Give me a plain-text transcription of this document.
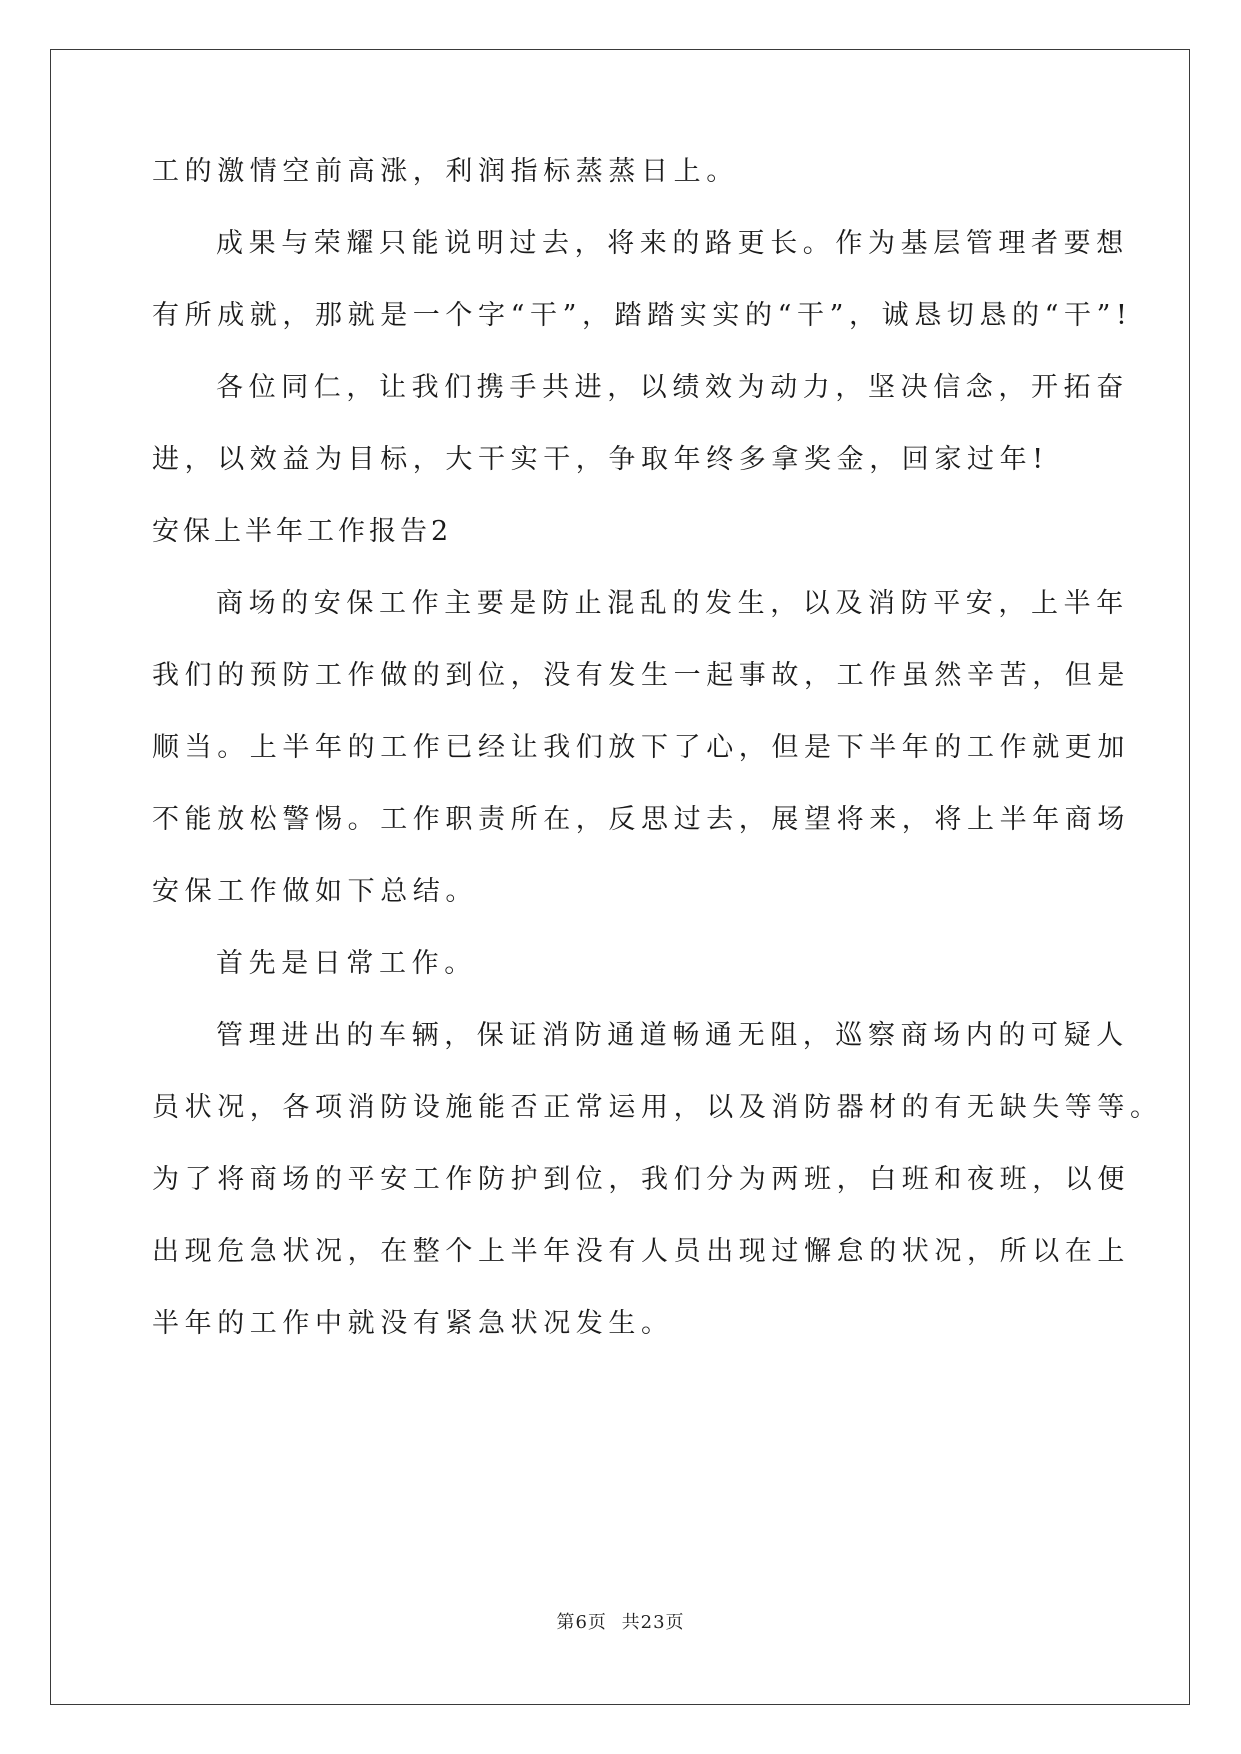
工的激情空前高涨，利润指标蒸蒸日上。
成果与荣耀只能说明过去，将来的路更长。作为基层管理者要想
有所成就，那就是一个字“干”，踏踏实实的“干”，诚恳切恳的“干”!
各位同仁，让我们携手共进，以绩效为动力，坚决信念，开拓奋
进，以效益为目标，大干实干，争取年终多拿奖金，回家过年!
安保上半年工作报告2
商场的安保工作主要是防止混乱的发生，以及消防平安，上半年
我们的预防工作做的到位，没有发生一起事故，工作虽然辛苦，但是
顺当。上半年的工作已经让我们放下了心，但是下半年的工作就更加
不能放松警惕。工作职责所在，反思过去，展望将来，将上半年商场
安保工作做如下总结。
首先是日常工作。
管理进出的车辆，保证消防通道畅通无阻，巡察商场内的可疑人
员状况，各项消防设施能否正常运用，以及消防器材的有无缺失等等。
为了将商场的平安工作防护到位，我们分为两班，白班和夜班，以便
出现危急状况，在整个上半年没有人员出现过懈怠的状况，所以在上
半年的工作中就没有紧急状况发生。
第6页 共23页
